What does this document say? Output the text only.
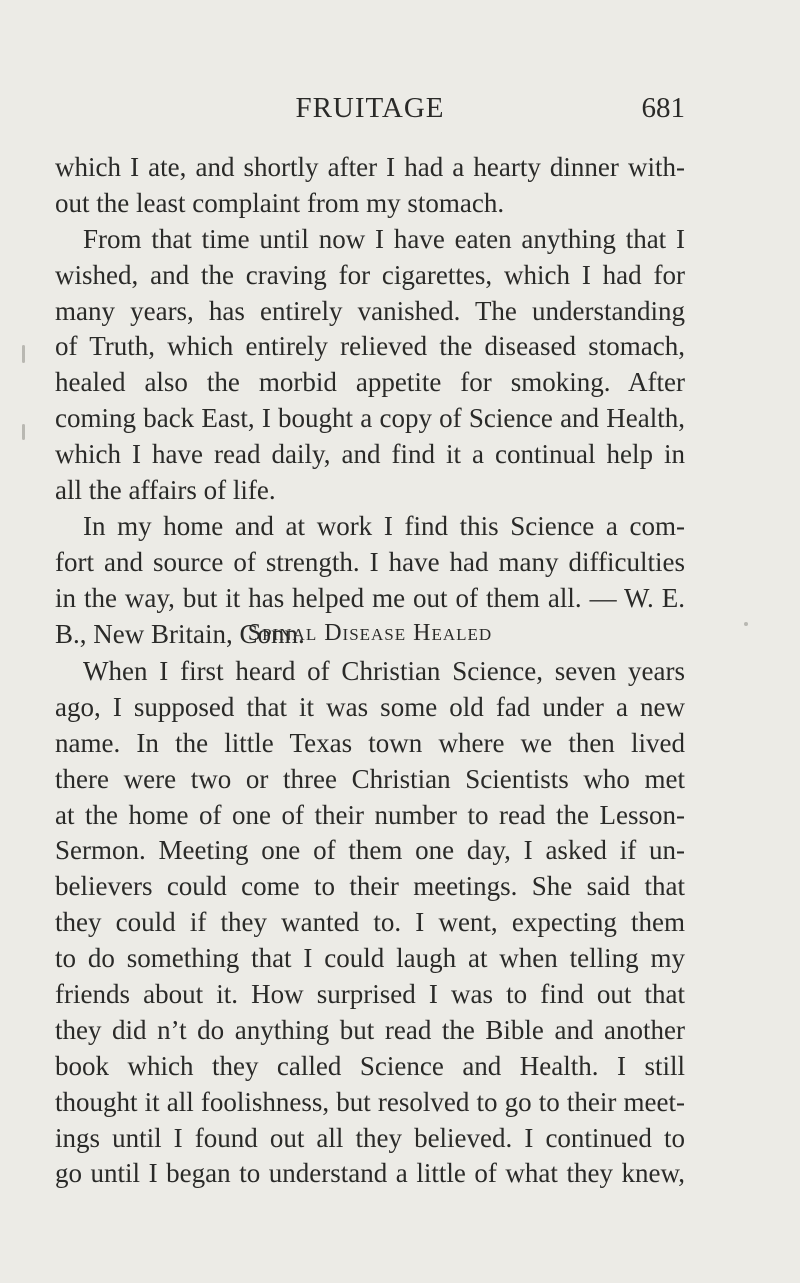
FRUITAGE	681
which I ate, and shortly after I had a hearty dinner with-
out the least complaint from my stomach.
From that time until now I have eaten anything that I
wished, and the craving for cigarettes, which I had for
many years, has entirely vanished. The understanding
of Truth, which entirely relieved the diseased stomach,
healed also the morbid appetite for smoking. After
coming back East, I bought a copy of Science and Health,
which I have read daily, and find it a continual help in
all the affairs of life.
In my home and at work I find this Science a com-
fort and source of strength. I have had many difficulties
in the way, but it has helped me out of them all. — W. E.
B., New Britain, Conn.
Spinal Disease Healed
When I first heard of Christian Science, seven years
ago, I supposed that it was some old fad under a new
name. In the little Texas town where we then lived
there were two or three Christian Scientists who met
at the home of one of their number to read the Lesson-
Sermon. Meeting one of them one day, I asked if un-
believers could come to their meetings. She said that
they could if they wanted to. I went, expecting them
to do something that I could laugh at when telling my
friends about it. How surprised I was to find out that
they did n’t do anything but read the Bible and another
book which they called Science and Health. I still
thought it all foolishness, but resolved to go to their meet-
ings until I found out all they believed. I continued to
go until I began to understand a little of what they knew,
